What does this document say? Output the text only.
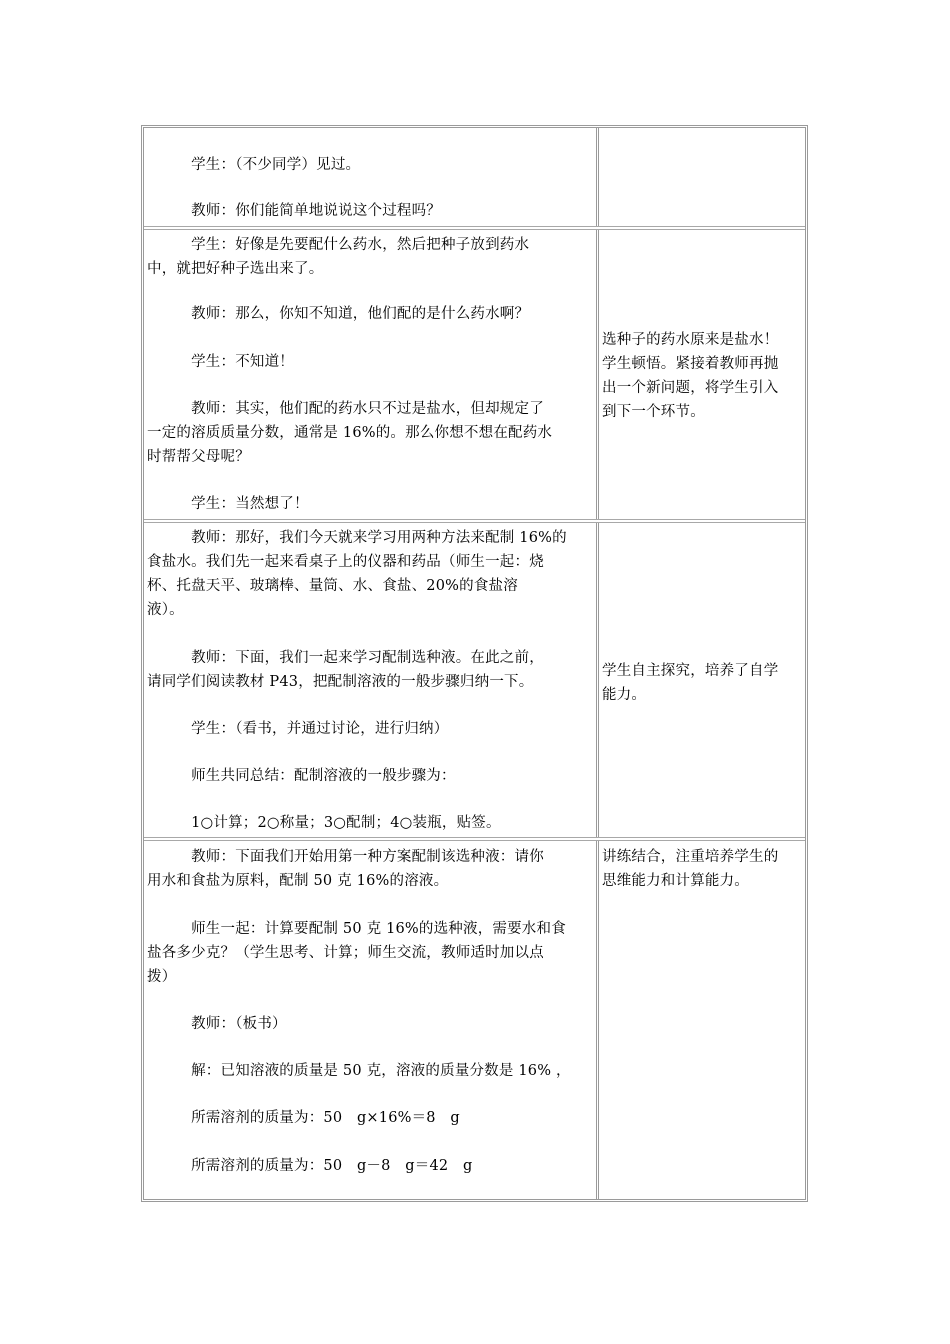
　　　学生：（不少同学）见过。
　　　教师：你们能简单地说说这个过程吗？
　　　学生：好像是先要配什么药水，然后把种子放到药水
中，就把好种子选出来了。
　　　教师：那么，你知不知道，他们配的是什么药水啊？
　　　学生：不知道！
　　　教师：其实，他们配的药水只不过是盐水，但却规定了
一定的溶质质量分数，通常是 16%的。那么你想不想在配药水
时帮帮父母呢？
　　　学生：当然想了！
选种子的药水原来是盐水！
学生顿悟。紧接着教师再抛
出一个新问题，将学生引入
到下一个环节。
　　　教师：那好，我们今天就来学习用两种方法来配制 16%的
食盐水。我们先一起来看桌子上的仪器和药品（师生一起：烧
杯、托盘天平、玻璃棒、量筒、水、食盐、20%的食盐溶
液）。
　　　教师：下面，我们一起来学习配制选种液。在此之前，
请同学们阅读教材 P43，把配制溶液的一般步骤归纳一下。
　　　学生：（看书，并通过讨论，进行归纳）
　　　师生共同总结：配制溶液的一般步骤为：
　　　1○计算；2○称量；3○配制；4○装瓶，贴签。
学生自主探究，培养了自学
能力。
　　　教师：下面我们开始用第一种方案配制该选种液：请你
用水和食盐为原料，配制 50 克 16%的溶液。
　　　师生一起：计算要配制 50 克 16%的选种液，需要水和食
盐各多少克？（学生思考、计算；师生交流，教师适时加以点
拨）
　　　教师：（板书）
　　　解：已知溶液的质量是 50 克，溶液的质量分数是 16% ，
　　　所需溶剂的质量为：50　g×16%＝8　g
　　　所需溶剂的质量为：50　g－8　g＝42　g
讲练结合，注重培养学生的
思维能力和计算能力。
